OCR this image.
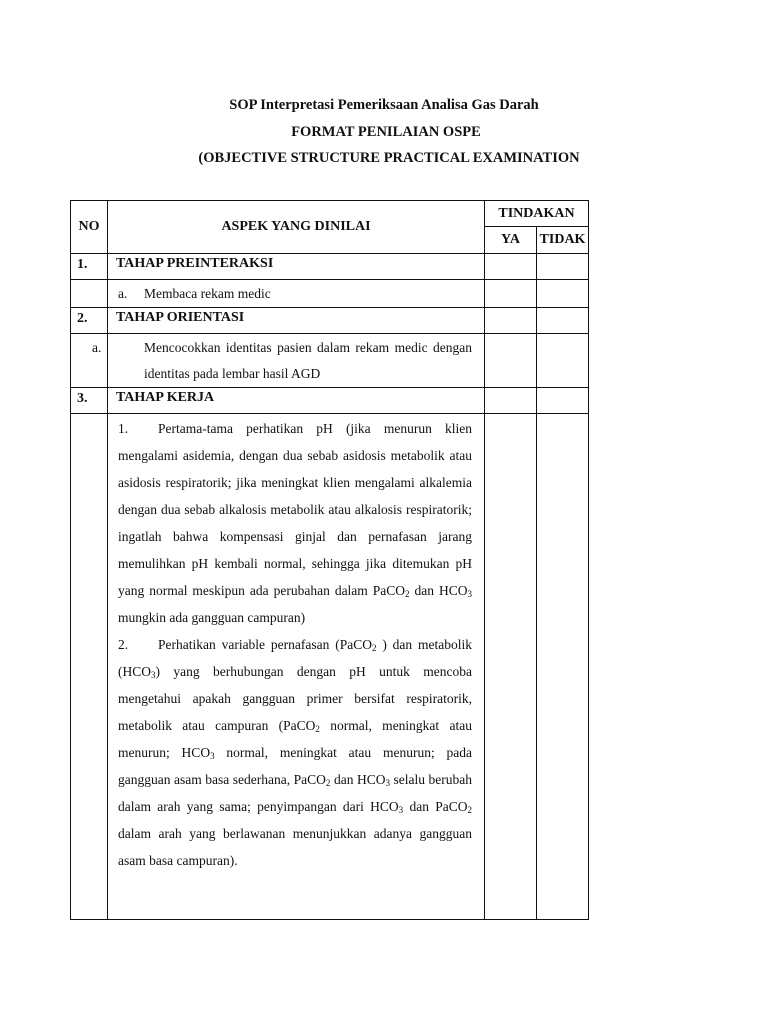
SOP Interpretasi Pemeriksaan Analisa Gas Darah
FORMAT PENILAIAN OSPE
(OBJECTIVE STRUCTURE PRACTICAL EXAMINATION
NO	ASPEK YANG DINILAI	TINDAKAN	
		YA	TIDAK
1.	TAHAP PREINTERAKSI		
	a. Membaca rekam medic		
2.	TAHAP ORIENTASI		
	a. Mencocokkan identitas pasien dalam rekam medic dengan identitas pada lembar hasil AGD		
3.	TAHAP KERJA		

	1. Pertama-tama perhatikan pH (jika menurun klien mengalami asidemia, dengan dua sebab asidosis metabolik atau asidosis respiratorik; jika meningkat klien mengalami alkalemia dengan dua sebab alkalosis metabolik atau alkalosis respiratorik; ingatlah bahwa kompensasi ginjal dan pernafasan jarang memulihkan pH kembali normal, sehingga jika ditemukan pH yang normal meskipun ada perubahan dalam PaCO$_2$ dan $HCO_3$ mungkin ada gangguan campuran)

2. Perhatikan variable pernafasan (PaCO$_2$ ) dan metabolik $(HCO_3)$ yang berhubungan dengan pH untuk mencoba mengetahui apakah gangguan primer bersifat respiratorik, metabolik atau campuran (PaCO$_2$ normal, meningkat atau menurun; $HCO_3$ normal, meningkat atau menurun; pada gangguan asam basa sederhana, PaCO$_2$ dan $HCO_3$ selalu berubah dalam arah yang sama; penyimpangan dari $HCO_3$ dan PaCO$_2$ dalam arah yang berlawanan menunjukkan adanya gangguan asam basa campuran).		
